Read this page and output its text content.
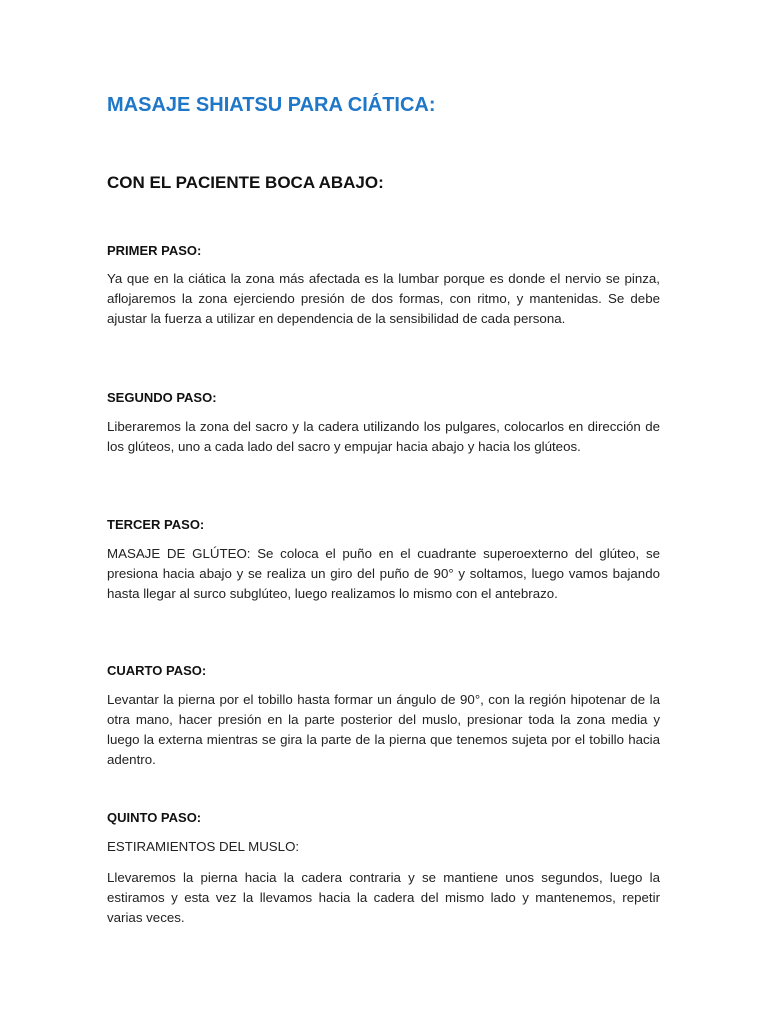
MASAJE SHIATSU PARA CIÁTICA:
CON EL PACIENTE BOCA ABAJO:
PRIMER PASO:

Ya que en la ciática la zona más afectada es la lumbar porque es donde el nervio se pinza, aflojaremos la zona ejerciendo presión de dos formas, con ritmo, y mantenidas. Se debe ajustar la fuerza a utilizar en dependencia de la sensibilidad de cada persona.

SEGUNDO PASO:

Liberaremos la zona del sacro y la cadera utilizando los pulgares, colocarlos en dirección de los glúteos, uno a cada lado del sacro y empujar hacia abajo y hacia los glúteos.

TERCER PASO:

MASAJE DE GLÚTEO: Se coloca el puño en el cuadrante superoexterno del glúteo, se presiona hacia abajo y se realiza un giro del puño de 90° y soltamos, luego vamos bajando hasta llegar al surco subglúteo, luego realizamos lo mismo con el antebrazo.

CUARTO PASO:

Levantar la pierna por el tobillo hasta formar un ángulo de 90°, con la región hipotenar de la otra mano, hacer presión en la parte posterior del muslo, presionar toda la zona media y luego la externa mientras se gira la parte de la pierna que tenemos sujeta por el tobillo hacia adentro.

QUINTO PASO:

ESTIRAMIENTOS DEL MUSLO:

Llevaremos la pierna hacia la cadera contraria y se mantiene unos segundos, luego la estiramos y esta vez la llevamos hacia la cadera del mismo lado y mantenemos, repetir varias veces.
